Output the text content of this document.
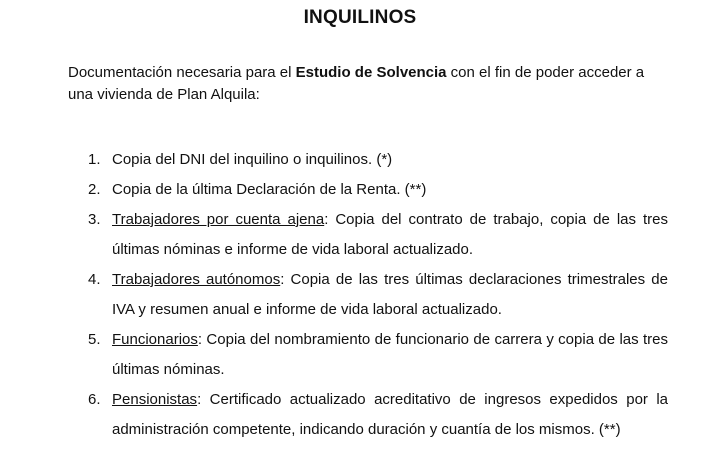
INQUILINOS
Documentación necesaria para el Estudio de Solvencia con el fin de poder acceder a una vivienda de Plan Alquila:
1. Copia del DNI del inquilino o inquilinos. (*)
2. Copia de la última Declaración de la Renta. (**)
3. Trabajadores por cuenta ajena: Copia del contrato de trabajo, copia de las tres últimas nóminas e informe de vida laboral actualizado.
4. Trabajadores autónomos: Copia de las tres últimas declaraciones trimestrales de IVA y resumen anual e informe de vida laboral actualizado.
5. Funcionarios: Copia del nombramiento de funcionario de carrera y copia de las tres últimas nóminas.
6. Pensionistas: Certificado actualizado acreditativo de ingresos expedidos por la administración competente, indicando duración y cuantía de los mismos. (**)
